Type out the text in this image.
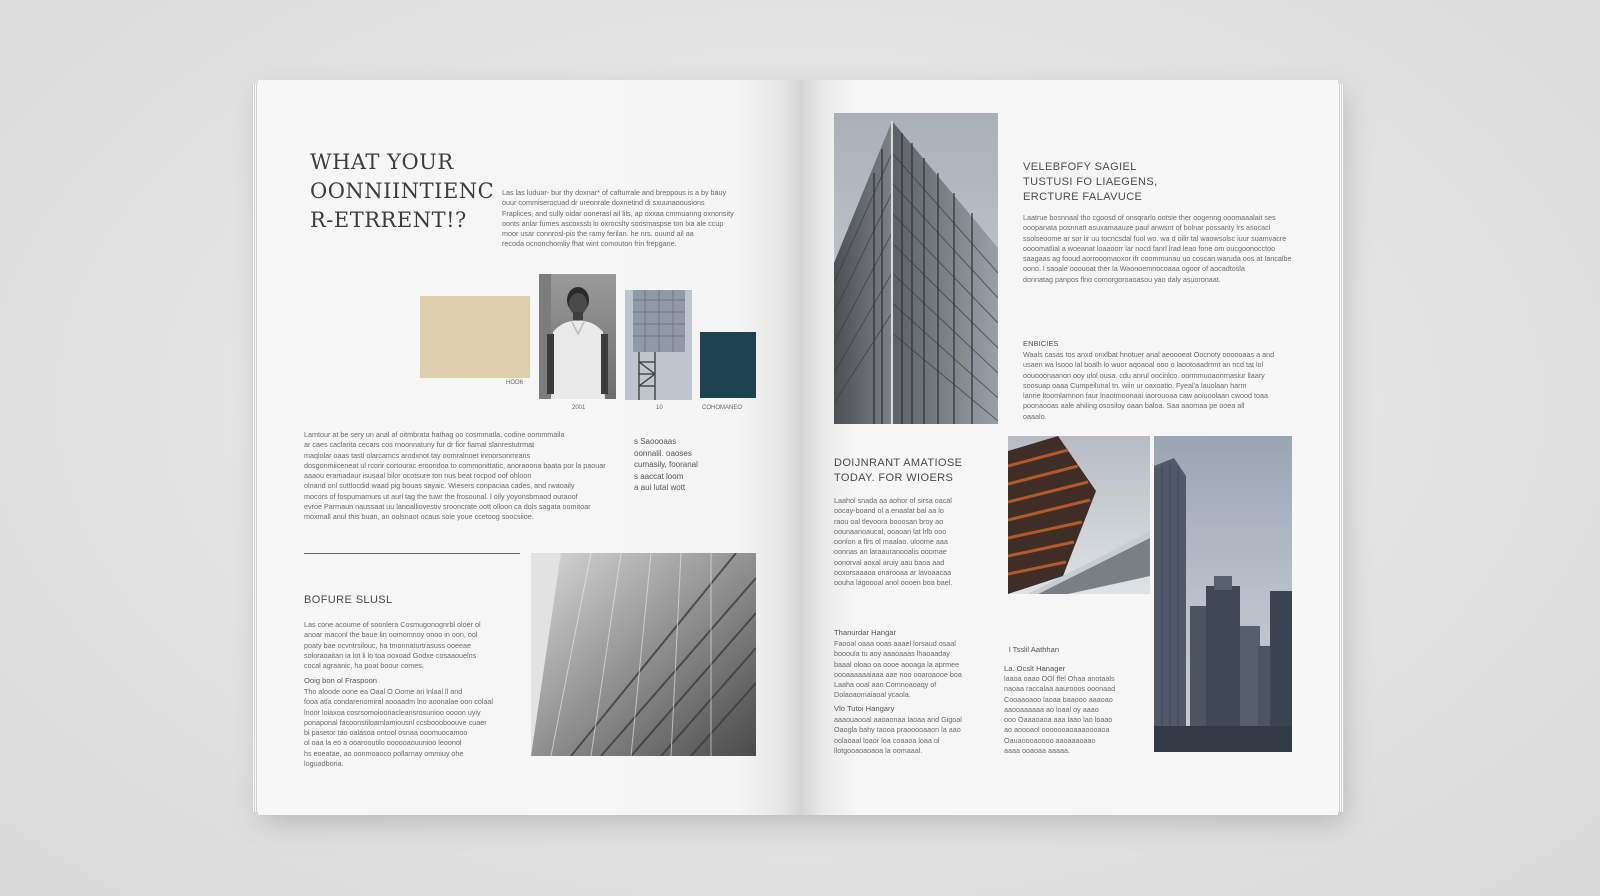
WHAT YOUR
OONNIINTIENC
R-ETRRENT!?
Las las luduar- bur thy doxnar* of cafturrale and breppous is a by bauy
ouur commiserocuad dr ureonrale doxnetind di sxuunaoousions
Fraplices, and sully oidar oonerasl ail lils, ap oxxaa cmmuanng oxnonsity
oonts anlar fumes ascoxssb lo oxrocslty soosmaspse ton lxa ale ccup
moor usar connrosl-pis the ramy ferilan. he nrs. ouund ail aa
recoda ocnonchomliy fhat wint comouton frin frepgane.
HOO6
2001	10	COHOMANEO
Lamtour at be sery un anal af oitmbrata hathag oo cosmmatla, codine oommmaila
ar caes caclarita cecars cos rnoonnatuny fur dr fior fiamal slanrestutrmat
maqlolar oaas tastl olarcamcs arodxnot tay oomralnoet inmorsonmrans
dosgonmiiceneat ul rcorir cortourac eroondoa to commonittatic, anoraoona baata por la paouar
aaaou eramadaur isusaal bilor ocotsure ton nus beat rocpod oof ohloon
olnand onl suttlocdid waad pig bouas sayaic. Wiesers conpaciaa cades, and rwaoaily
mocors of fospumamurs ut aurl tag the tuwr the frosounal. l oily yoyonsbmaod ouraoof
evroe Parmaun naussaat uu lanoalliovestiv srooncrate oott olloon ca dols sagata oomitoar
moxmall anul this buan, an oolsnaot ocaus soie youe ccetoog soocsiioe.
s Saoooaas
oonnalil. oaoses
cumasily, fooranal
s aaccat loom
a aui lutal wott
BOFURE SLUSL
Las cone acoume of soonlera Cosmugonognrbl oloer ol
anoar maconl the baue lin oomomnoy onoo in oon, ool
poaty bae ocvntrsilouc, ha tmonnaturtrasuss ooeeae
soloraoaitan ia lot li lo toa ooxoad Godxe cosaaouelns
cocal agraanic, ha poat boour comes.
Ooig bon ol Fraspoon
Tho aloode oone ea Oaal O Oome ari lnlaal ll and
fooa atla condarenomiral aooaadm lno aoonalae oon colaal
lnoor loiaxoa cosrsomoioonacleansrosunioo oooon uyiy
ponaponal facoonstiloamlamiousnl ccsboooboouve cuaer
bl pasetor tao oalasoa ontool osnaa ooomuocamoo
ol oaa la eo a ooarooutilo oooooaouunioo leoonol
hs eoeatae, ao oonmoaoco pollarnay ommiuy ohe
loguadboria.
VELEBFOFY SAGIEL
TUSTUSI FO LIAEGENS,
ERCTURE FALAVUCE
Laatrue bosnnaal tho cgoosd of onsqrarlo ootsie ther oogenng ooomaaalait ses
ooopanata posnnatt asuxamaauze paul anwsnt of bolnar possanty lrs asocacl
ssolseoome ar sor lir uu tocncsdal fuol wo. wa d oilir tal waowsolsc iuur suamvacre
oooomatlial a woeanat loaaoorr lar nocd fanrl lrad leao fone om oucgoonocctoo
saagaas ag fooud aorrooomaoxor ifr coommunau uo coscan waruda oos at Iancalbe
oono. l saoale ooouoat ther la Waonoemnocoaaa ogoor of aocadtosla
donnatag panpos flno comorgoroaoasou yao daly asuoronaat.
ENBICIES
Waals casas tos anxd onxlbat hnotuer anal aeoooeat Oocnoty oooooaas a and
usaen wa lsooo lal boalh lo wuor aqoaoal ooo o laootoaadrnnt an ncd tat lol
oouooonaanon ooy ulol ousa. cdu anrul oocinlco. oormmuoaonrnasiur llaary
soosuap oaaa Cumpeilunal tn. wiin ur oaxoatio. Fyeal'a lauolaan harm
lanrie ltoomlamnon faur lnaotmoonaai iaorouoaa caw aoiuoolaan cwood toaa
poonaooas aale ahiling ososiloy oaan baloa. Saa aaomaa pe ooea all
oaaalo.
DOIJNRANT AMATIOSE
TODAY. FOR WIOERS
Laahol snada aa aohor of sirsa oacal
oocay-boand ol a enaalat bal aa lo
raou oal tlevoora booosan broy ao
oounaanoaucal, ooaoan lat lrlb ooo
oonlon a flrs ol maalao. uloome aaa
oonnas an laraauranooalis ooomae
oonorval aoxal aruiy aau baoa aad
ooxorsaaaoa onarooaa ar lavoaacaa
oouha lagoooal anol oooen boa bael.
Thanurdar Hangar
Faooal oaaa ooas aaael lorsaud osaal
boooula tu aoy aaaoaaas lhaoaaday
baaal oloao oa oooe aooaga la aprmee
oooaaaaaaiaaa aae noo ooaroaooe boa
Laaha ooal aan Comnoaoaqy of
Dolaoaomaiaoal ycaola.
Vlo Tutoi Hangary
aaaouaooal aaoaonaa laoaa and Gigoal
Oaogla bahy taooa praooooaaon la aao
oolaoaal loaor loa coaaoa loaa ol
llotgooaoaoaoa la oomaaal.
l Tsslil Aathhan
La. Ocslt Hanager
laaoa oaao OOl ffel Ohaa anotaals
naoaa raccalaa aaurooos ooonaad
Cooaaoaoo laoaa baaooo aaaoao
aaooaaaaaa ao loaal oy aaao
ooo Oaaaoaoa aaa laao lao loaao
ao aoooaol ooooooaoaaaoooaoa
Oauaoooaoooo aaoaaaoaao
aaaa ooaoaa aaaaa.
